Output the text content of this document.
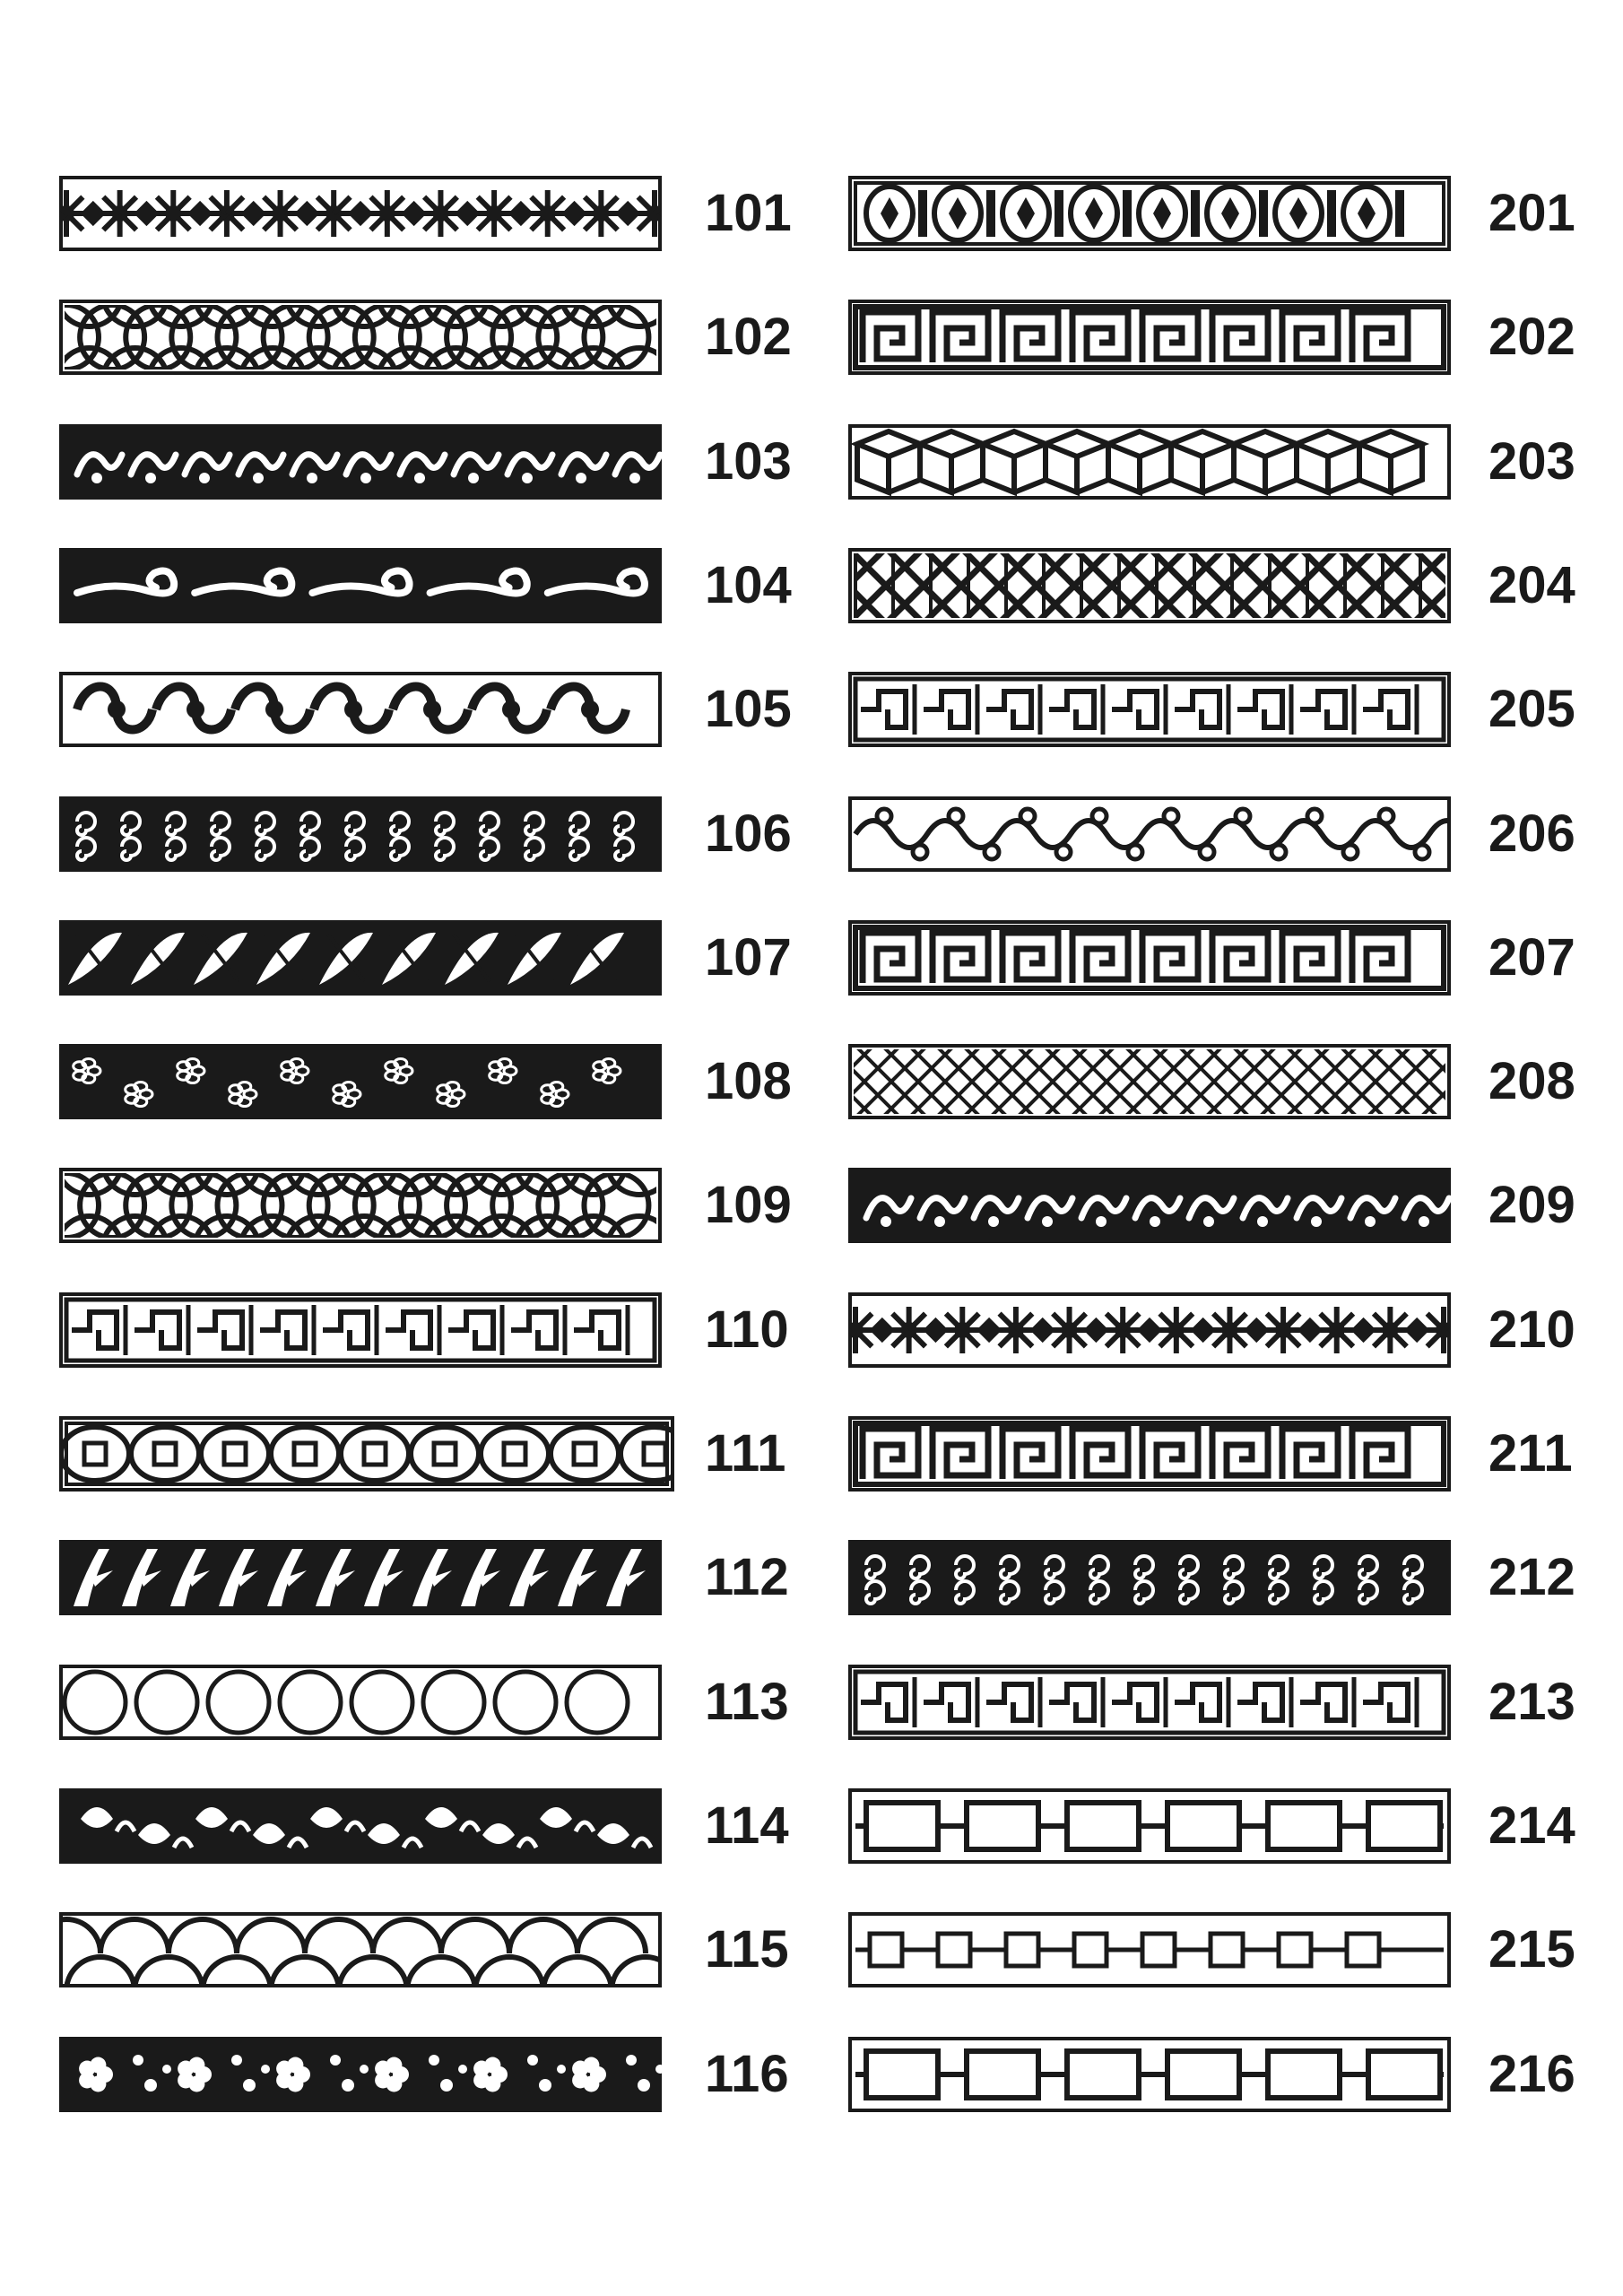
101
102
103
104
105
106
107
108
109
110
111
112
113
114
115
116
201
202
203
204
205
206
207
208
209
210
211
212
213
214
215
216
